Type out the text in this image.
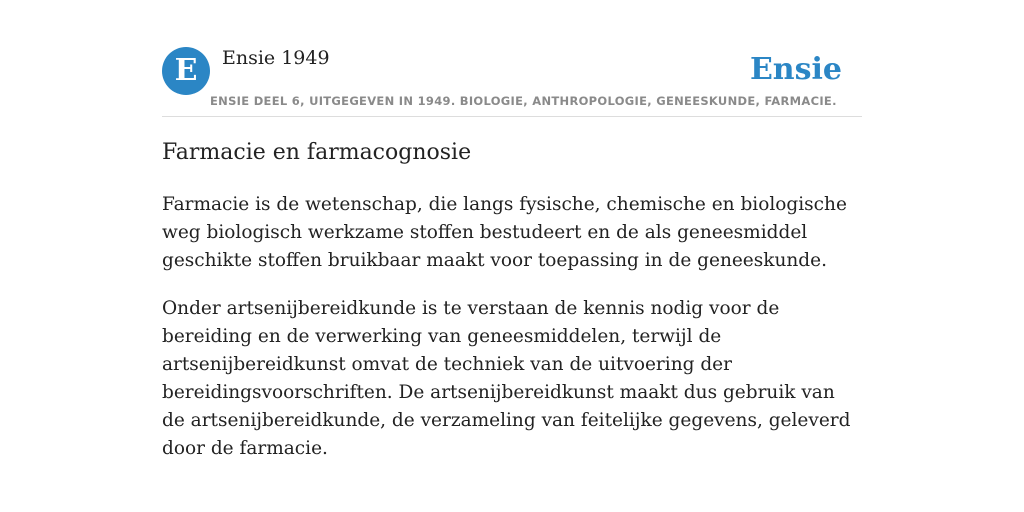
E Ensie 1949	Ensie
ENSIE DEEL 6, UITGEGEVEN IN 1949. BIOLOGIE, ANTHROPOLOGIE, GENEESKUNDE, FARMACIE.
Farmacie en farmacognosie

Farmacie is de wetenschap, die langs fysische, chemische en biologische weg biologisch werkzame stoffen bestudeert en de als geneesmiddel geschikte stoffen bruikbaar maakt voor toepassing in de geneeskunde.

Onder artsenijbereidkunde is te verstaan de kennis nodig voor de bereiding en de verwerking van geneesmiddelen, terwijl de artsenijbereidkunst omvat de techniek van de uitvoering der bereidingsvoorschriften. De artsenijbereidkunst maakt dus gebruik van de artsenijbereidkunde, de verzameling van feitelijke gegevens, geleverd door de farmacie.
